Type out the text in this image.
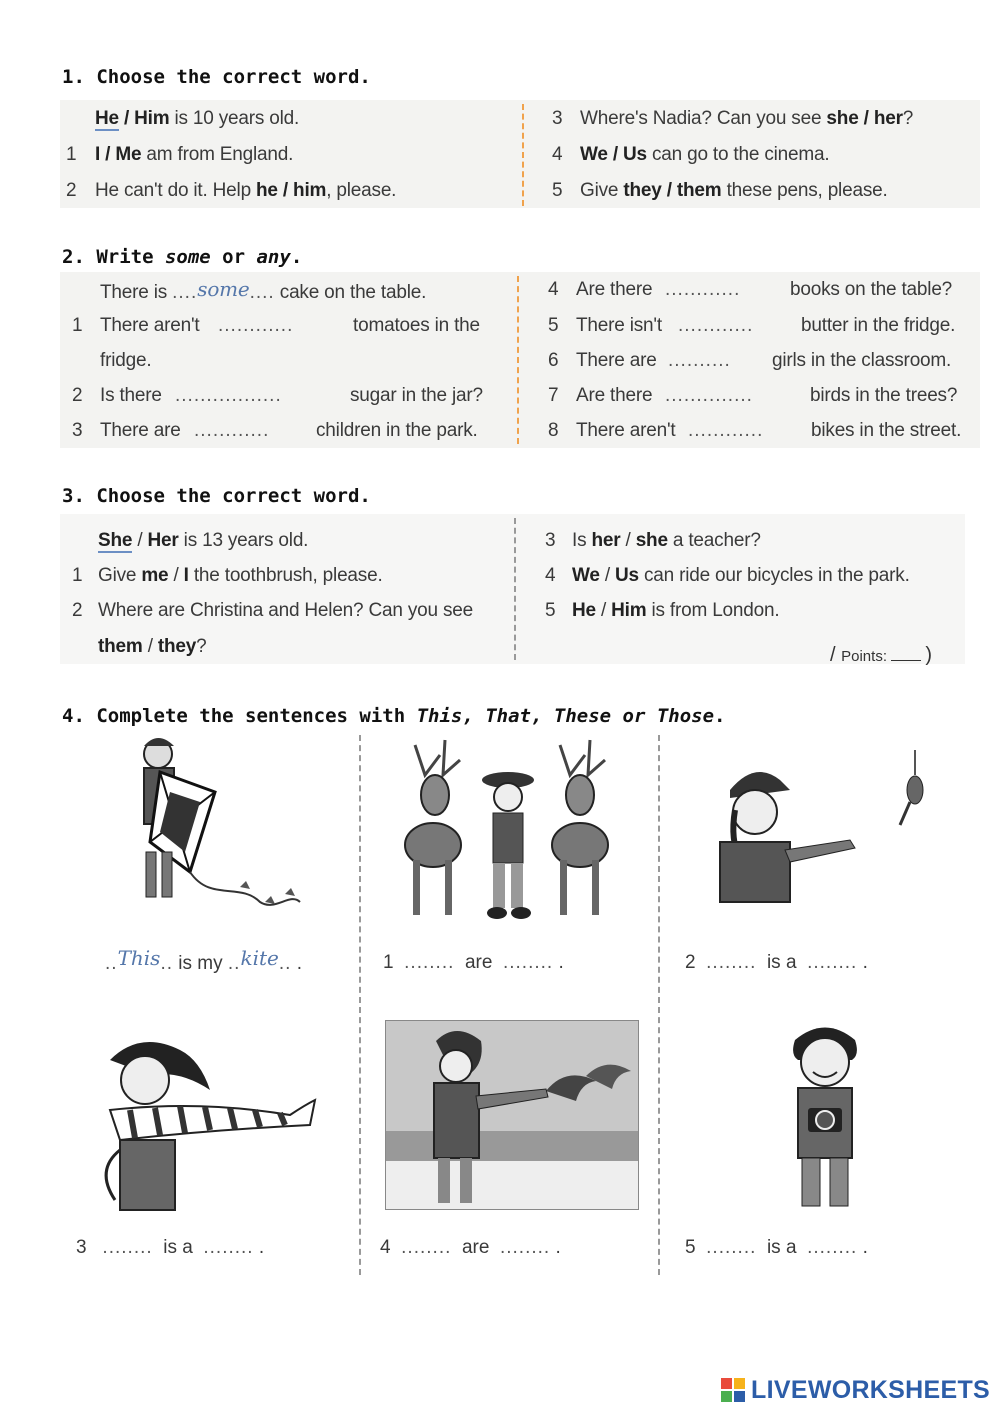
1. Choose the correct word.
He / Him is 10 years old.
1 I / Me am from England.
2 He can't do it. Help he / him, please.
3 Where's Nadia? Can you see she / her?
4 We / Us can go to the cinema.
5 Give they / them these pens, please.
2. Write some or any.
There is ....some.... cake on the table.
1 There aren't ............	tomatoes in the
fridge.
2 Is there .................	sugar in the jar?
3 There are ............ children in the park.
4 Are there ............	books on the table?
5 There isn't ............	butter in the fridge.
6 There are .......... girls in the classroom.
7 Are there ..............	birds in the trees?
8 There aren't ............	bikes in the street.
3. Choose the correct word.
She / Her is 13 years old.
1 Give me / I the toothbrush, please.
2 Where are Christina and Helen? Can you see
them / they?
3 Is her / she a teacher?
4 We / Us can ride our bicycles in the park.
5 He / Him is from London.
/ Points: )
4. Complete the sentences with This, That, These or Those.
..This.. is my ..kite.. .	1 ........ are ........ .	2 ........ is a ........ .
3 ........ is a ........ .	4 ........ are ........ .	5 ........ is a ........ .
LIVEWORKSHEETS
